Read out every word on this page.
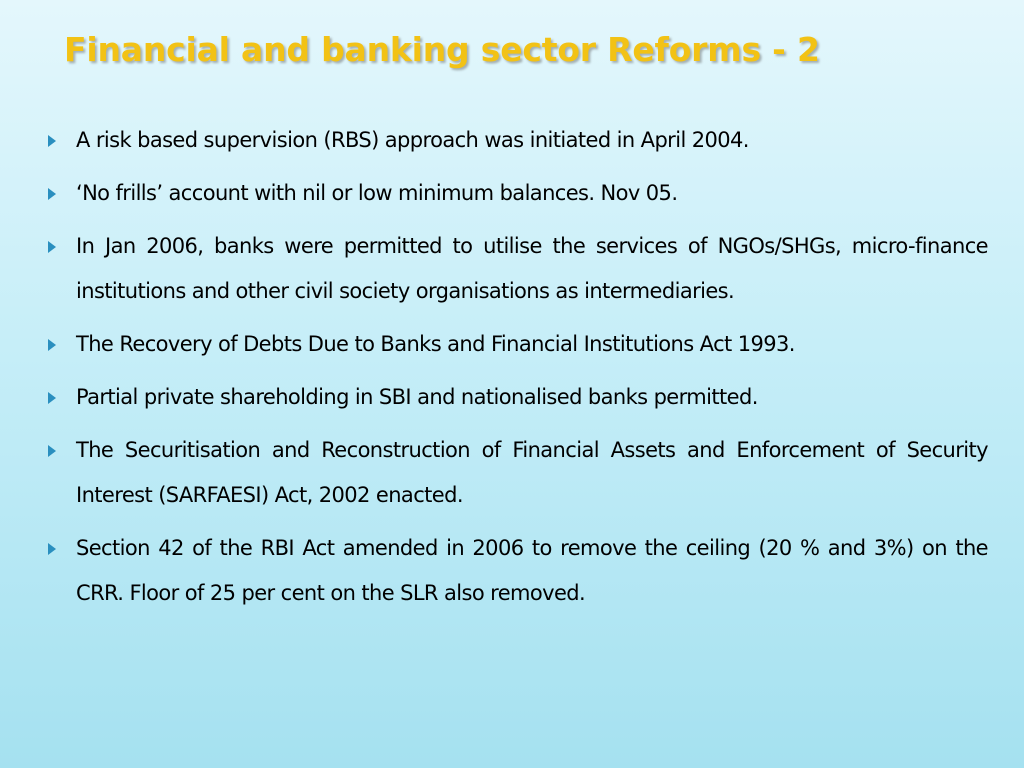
Financial and banking sector Reforms - 2
A risk based supervision (RBS) approach was initiated in April 2004.
‘No frills’ account with nil or low minimum balances. Nov 05.
In Jan 2006, banks were permitted to utilise the services of NGOs/SHGs, micro-finance institutions and other civil society organisations as intermediaries.
The Recovery of Debts Due to Banks and Financial Institutions Act 1993.
Partial private shareholding in SBI and nationalised banks permitted.
The Securitisation and Reconstruction of Financial Assets and Enforcement of Security Interest (SARFAESI) Act, 2002 enacted.
Section 42 of the RBI Act amended in 2006 to remove the ceiling (20 % and 3%) on the CRR. Floor of 25 per cent on the SLR also removed.
